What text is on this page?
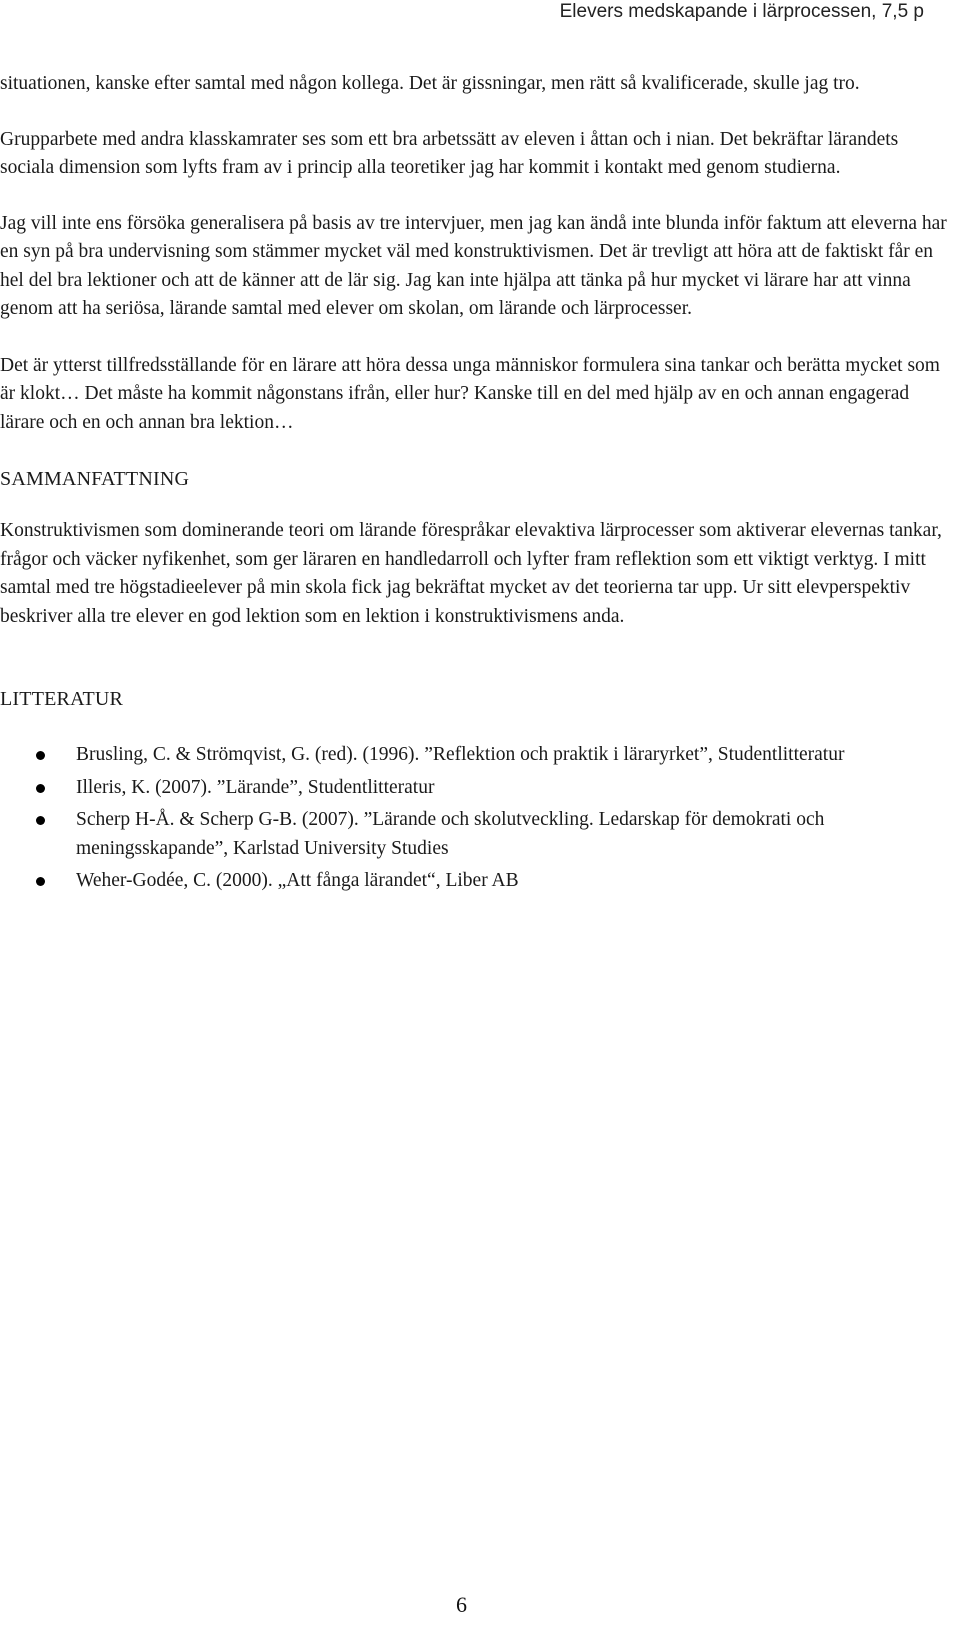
Elevers medskapande i lärprocessen, 7,5 p

situationen, kanske efter samtal med någon kollega. Det är gissningar, men rätt så kvalificerade, skulle jag tro.

Grupparbete med andra klasskamrater ses som ett bra arbetssätt av eleven i åttan och i nian. Det bekräftar lärandets sociala dimension som lyfts fram av i princip alla teoretiker jag har kommit i kontakt med genom studierna.

Jag vill inte ens försöka generalisera på basis av tre intervjuer, men jag kan ändå inte blunda inför faktum att eleverna har en syn på bra undervisning som stämmer mycket väl med konstruktivismen. Det är trevligt att höra att de faktiskt får en hel del bra lektioner och att de känner att de lär sig. Jag kan inte hjälpa att tänka på hur mycket vi lärare har att vinna genom att ha seriösa, lärande samtal med elever om skolan, om lärande och lärprocesser.

Det är ytterst tillfredsställande för en lärare att höra dessa unga människor formulera sina tankar och berätta mycket som är klokt… Det måste ha kommit någonstans ifrån, eller hur? Kanske till en del med hjälp av en och annan engagerad lärare och en och annan bra lektion…

SAMMANFATTNING

Konstruktivismen som dominerande teori om lärande förespråkar elevaktiva lärprocesser som aktiverar elevernas tankar, frågor och väcker nyfikenhet, som ger läraren en handledarroll och lyfter fram reflektion som ett viktigt verktyg. I mitt samtal med tre högstadieelever på min skola fick jag bekräftat mycket av det teorierna tar upp. Ur sitt elevperspektiv beskriver alla tre elever en god lektion som en lektion i konstruktivismens anda.

LITTERATUR
Brusling, C. & Strömqvist, G. (red). (1996). ”Reflektion och praktik i läraryrket”, Studentlitteratur
Illeris, K. (2007). ”Lärande”, Studentlitteratur
Scherp H-Å. & Scherp G-B. (2007). ”Lärande och skolutveckling. Ledarskap för demokrati och meningsskapande”, Karlstad University Studies
Weher-Godée, C. (2000). „Att fånga lärandet“, Liber AB
6
